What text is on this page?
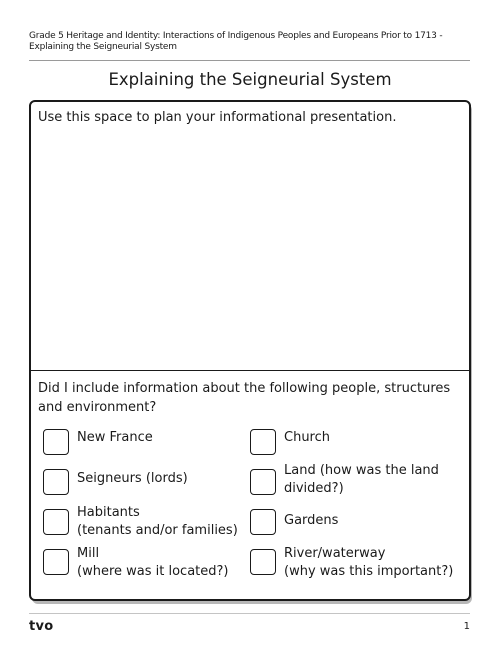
Grade 5 Heritage and Identity: Interactions of Indigenous Peoples and Europeans Prior to 1713 - Explaining the Seigneurial System
Explaining the Seigneurial System
Use this space to plan your informational presentation.
Did I include information about the following people, structures and environment?
New France
Seigneurs (lords)
Habitants
(tenants and/or families)
Mill
(where was it located?)
Church
Land (how was the land
divided?)
Gardens
River/waterway
(why was this important?)
tvo	1
